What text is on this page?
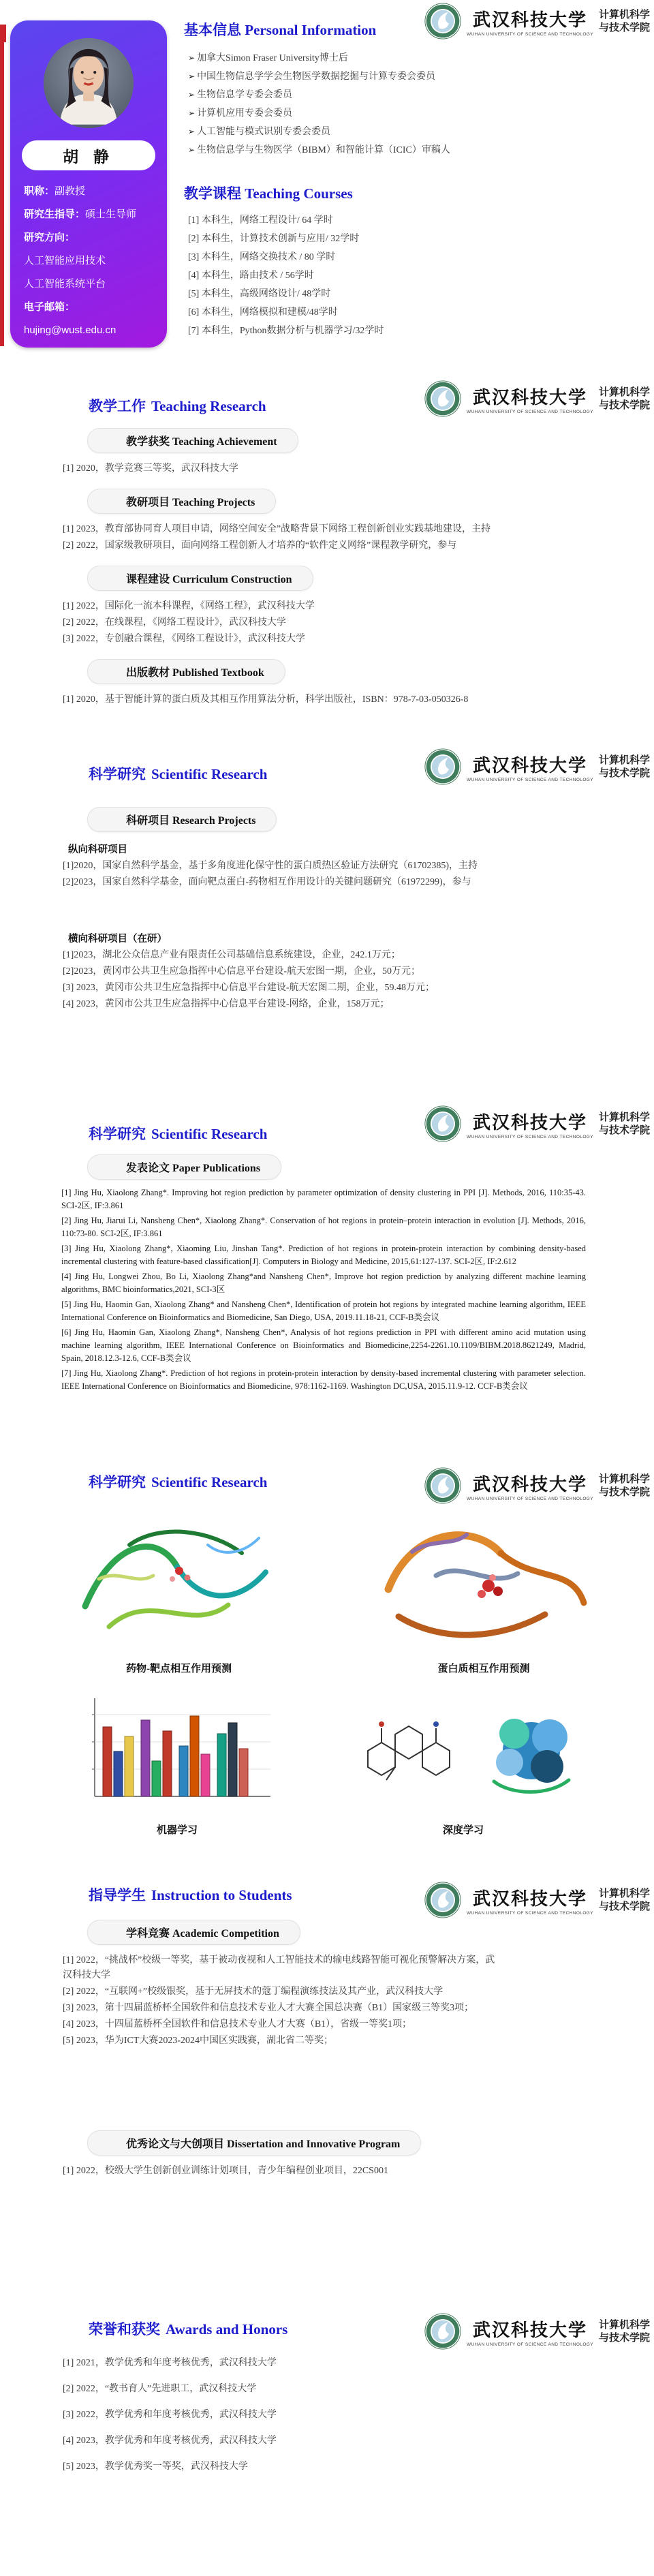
武汉科技大学
WUHAN UNIVERSITY OF SCIENCE AND TECHNOLOGY
计算机科学
与技术学院
胡 静
职称：副教授
研究生指导：硕士生导师
研究方向：
人工智能应用技术
人工智能系统平台
电子邮箱：
hujing@wust.edu.cn
基本信息 Personal Information

➢ 加拿大Simon Fraser University博士后

➢ 中国生物信息学学会生物医学数据挖掘与计算专委会委员

➢ 生物信息学专委会委员

➢ 计算机应用专委会委员

➢ 人工智能与模式识别专委会委员

➢ 生物信息学与生物医学（BIBM）和智能计算（ICIC）审稿人

教学课程 Teaching Courses

[1] 本科生，网络工程设计/ 64 学时

[2] 本科生，计算技术创新与应用/ 32学时

[3] 本科生，网络交换技术 / 80 学时

[4] 本科生，路由技术 / 56学时

[5] 本科生，高级网络设计/ 48学时

[6] 本科生，网络模拟和建模/48学时

[7] 本科生，Python数据分析与机器学习/32学时

武汉科技大学
WUHAN UNIVERSITY OF SCIENCE AND TECHNOLOGY
计算机科学
与技术学院
教学工作 Teaching Research
教学获奖 Teaching Achievement

[1] 2020，教学竞赛三等奖，武汉科技大学

教研项目 Teaching Projects

[1] 2023，教育部协同育人项目申请，网络空间安全”战略背景下网络工程创新创业实践基地建设，主持

[2] 2022，国家级教研项目，面向网络工程创新人才培养的“软件定义网络”课程教学研究，参与

课程建设 Curriculum Construction

[1] 2022，国际化一流本科课程，《网络工程》，武汉科技大学

[2] 2022，在线课程，《网络工程设计》，武汉科技大学

[3] 2022，专创融合课程，《网络工程设计》，武汉科技大学

出版教材 Published Textbook

[1] 2020，基于智能计算的蛋白质及其相互作用算法分析，科学出版社，ISBN：978-7-03-050326-8

武汉科技大学
WUHAN UNIVERSITY OF SCIENCE AND TECHNOLOGY
计算机科学
与技术学院
科学研究 Scientific Research
科研项目 Research Projects
纵向科研项目

[1]2020，国家自然科学基金，基于多角度进化保守性的蛋白质热区验证方法研究（61702385)，主持

[2]2023，国家自然科学基金，面向靶点蛋白-药物相互作用设计的关键问题研究（61972299)，参与

横向科研项目（在研）

[1]2023，湖北公众信息产业有限责任公司基础信息系统建设，企业，242.1万元；

[2]2023，黄冈市公共卫生应急指挥中心信息平台建设-航天宏图一期，企业，50万元；

[3] 2023，黄冈市公共卫生应急指挥中心信息平台建设-航天宏图二期，企业，59.48万元；

[4] 2023，黄冈市公共卫生应急指挥中心信息平台建设-网络，企业，158万元；

武汉科技大学
WUHAN UNIVERSITY OF SCIENCE AND TECHNOLOGY
计算机科学
与技术学院
科学研究 Scientific Research
发表论文 Paper Publications

[1] Jing Hu, Xiaolong Zhang*. Improving hot region prediction by parameter optimization of density clustering in PPI [J]. Methods, 2016, 110:35-43. SCI-2区, IF:3.861

[2] Jing Hu, Jiarui Li, Nansheng Chen*, Xiaolong Zhang*. Conservation of hot regions in protein–protein interaction in evolution [J]. Methods, 2016, 110:73-80. SCI-2区, IF:3.861

[3] Jing Hu, Xiaolong Zhang*, Xiaoming Liu, Jinshan Tang*. Prediction of hot regions in protein-protein interaction by combining density-based incremental clustering with feature-based classification[J]. Computers in Biology and Medicine, 2015,61:127-137. SCI-2区, IF:2.612

[4] Jing Hu, Longwei Zhou, Bo Li, Xiaolong Zhang*and Nansheng Chen*, Improve hot region prediction by analyzing different machine learning algorithms, BMC bioinformatics,2021, SCI-3区

[5] Jing Hu, Haomin Gan, Xiaolong Zhang* and Nansheng Chen*, Identification of protein hot regions by integrated machine learning algorithm, IEEE International Conference on Bioinformatics and Biomedicine, San Diego, USA, 2019.11.18-21, CCF-B类会议

[6] Jing Hu, Haomin Gan, Xiaolong Zhang*, Nansheng Chen*, Analysis of hot regions prediction in PPI with different amino acid mutation using machine learning algorithm, IEEE International Conference on Bioinformatics and Biomedicine,2254-2261.10.1109/BIBM.2018.8621249, Madrid, Spain, 2018.12.3-12.6, CCF-B类会议

[7] Jing Hu, Xiaolong Zhang*. Prediction of hot regions in protein-protein interaction by density-based incremental clustering with parameter selection. IEEE International Conference on Bioinformatics and Biomedicine, 978:1162-1169. Washington DC,USA, 2015.11.9-12. CCF-B类会议

武汉科技大学
WUHAN UNIVERSITY OF SCIENCE AND TECHNOLOGY
计算机科学
与技术学院
科学研究 Scientific Research
药物-靶点相互作用预测	蛋白质相互作用预测
机器学习	深度学习
武汉科技大学
WUHAN UNIVERSITY OF SCIENCE AND TECHNOLOGY
计算机科学
与技术学院
指导学生 Instruction to Students
学科竞赛 Academic Competition

[1] 2022，“挑战杯”校级一等奖，基于被动夜视和人工智能技术的输电线路智能可视化预警解决方案，武汉科技大学

[2] 2022，“互联网+”校级银奖，基于无屏技术的蔻丁编程演练技法及其产业，武汉科技大学

[3] 2023，第十四届蓝桥杯全国软件和信息技术专业人才大赛全国总决赛（B1）国家级三等奖3项；

[4] 2023，十四届蓝桥杯全国软件和信息技术专业人才大赛（B1），省级一等奖1项；

[5] 2023，华为ICT大赛2023-2024中国区实践赛，湖北省二等奖；

优秀论文与大创项目 Dissertation and Innovative Program

[1] 2022，校级大学生创新创业训练计划项目，青少年编程创业项目，22CS001

武汉科技大学
WUHAN UNIVERSITY OF SCIENCE AND TECHNOLOGY
计算机科学
与技术学院
荣誉和获奖 Awards and Honors

[1] 2021，教学优秀和年度考核优秀，武汉科技大学

[2] 2022，“教书育人”先进职工，武汉科技大学

[3] 2022，教学优秀和年度考核优秀，武汉科技大学

[4] 2023，教学优秀和年度考核优秀，武汉科技大学

[5] 2023，教学优秀奖一等奖，武汉科技大学
